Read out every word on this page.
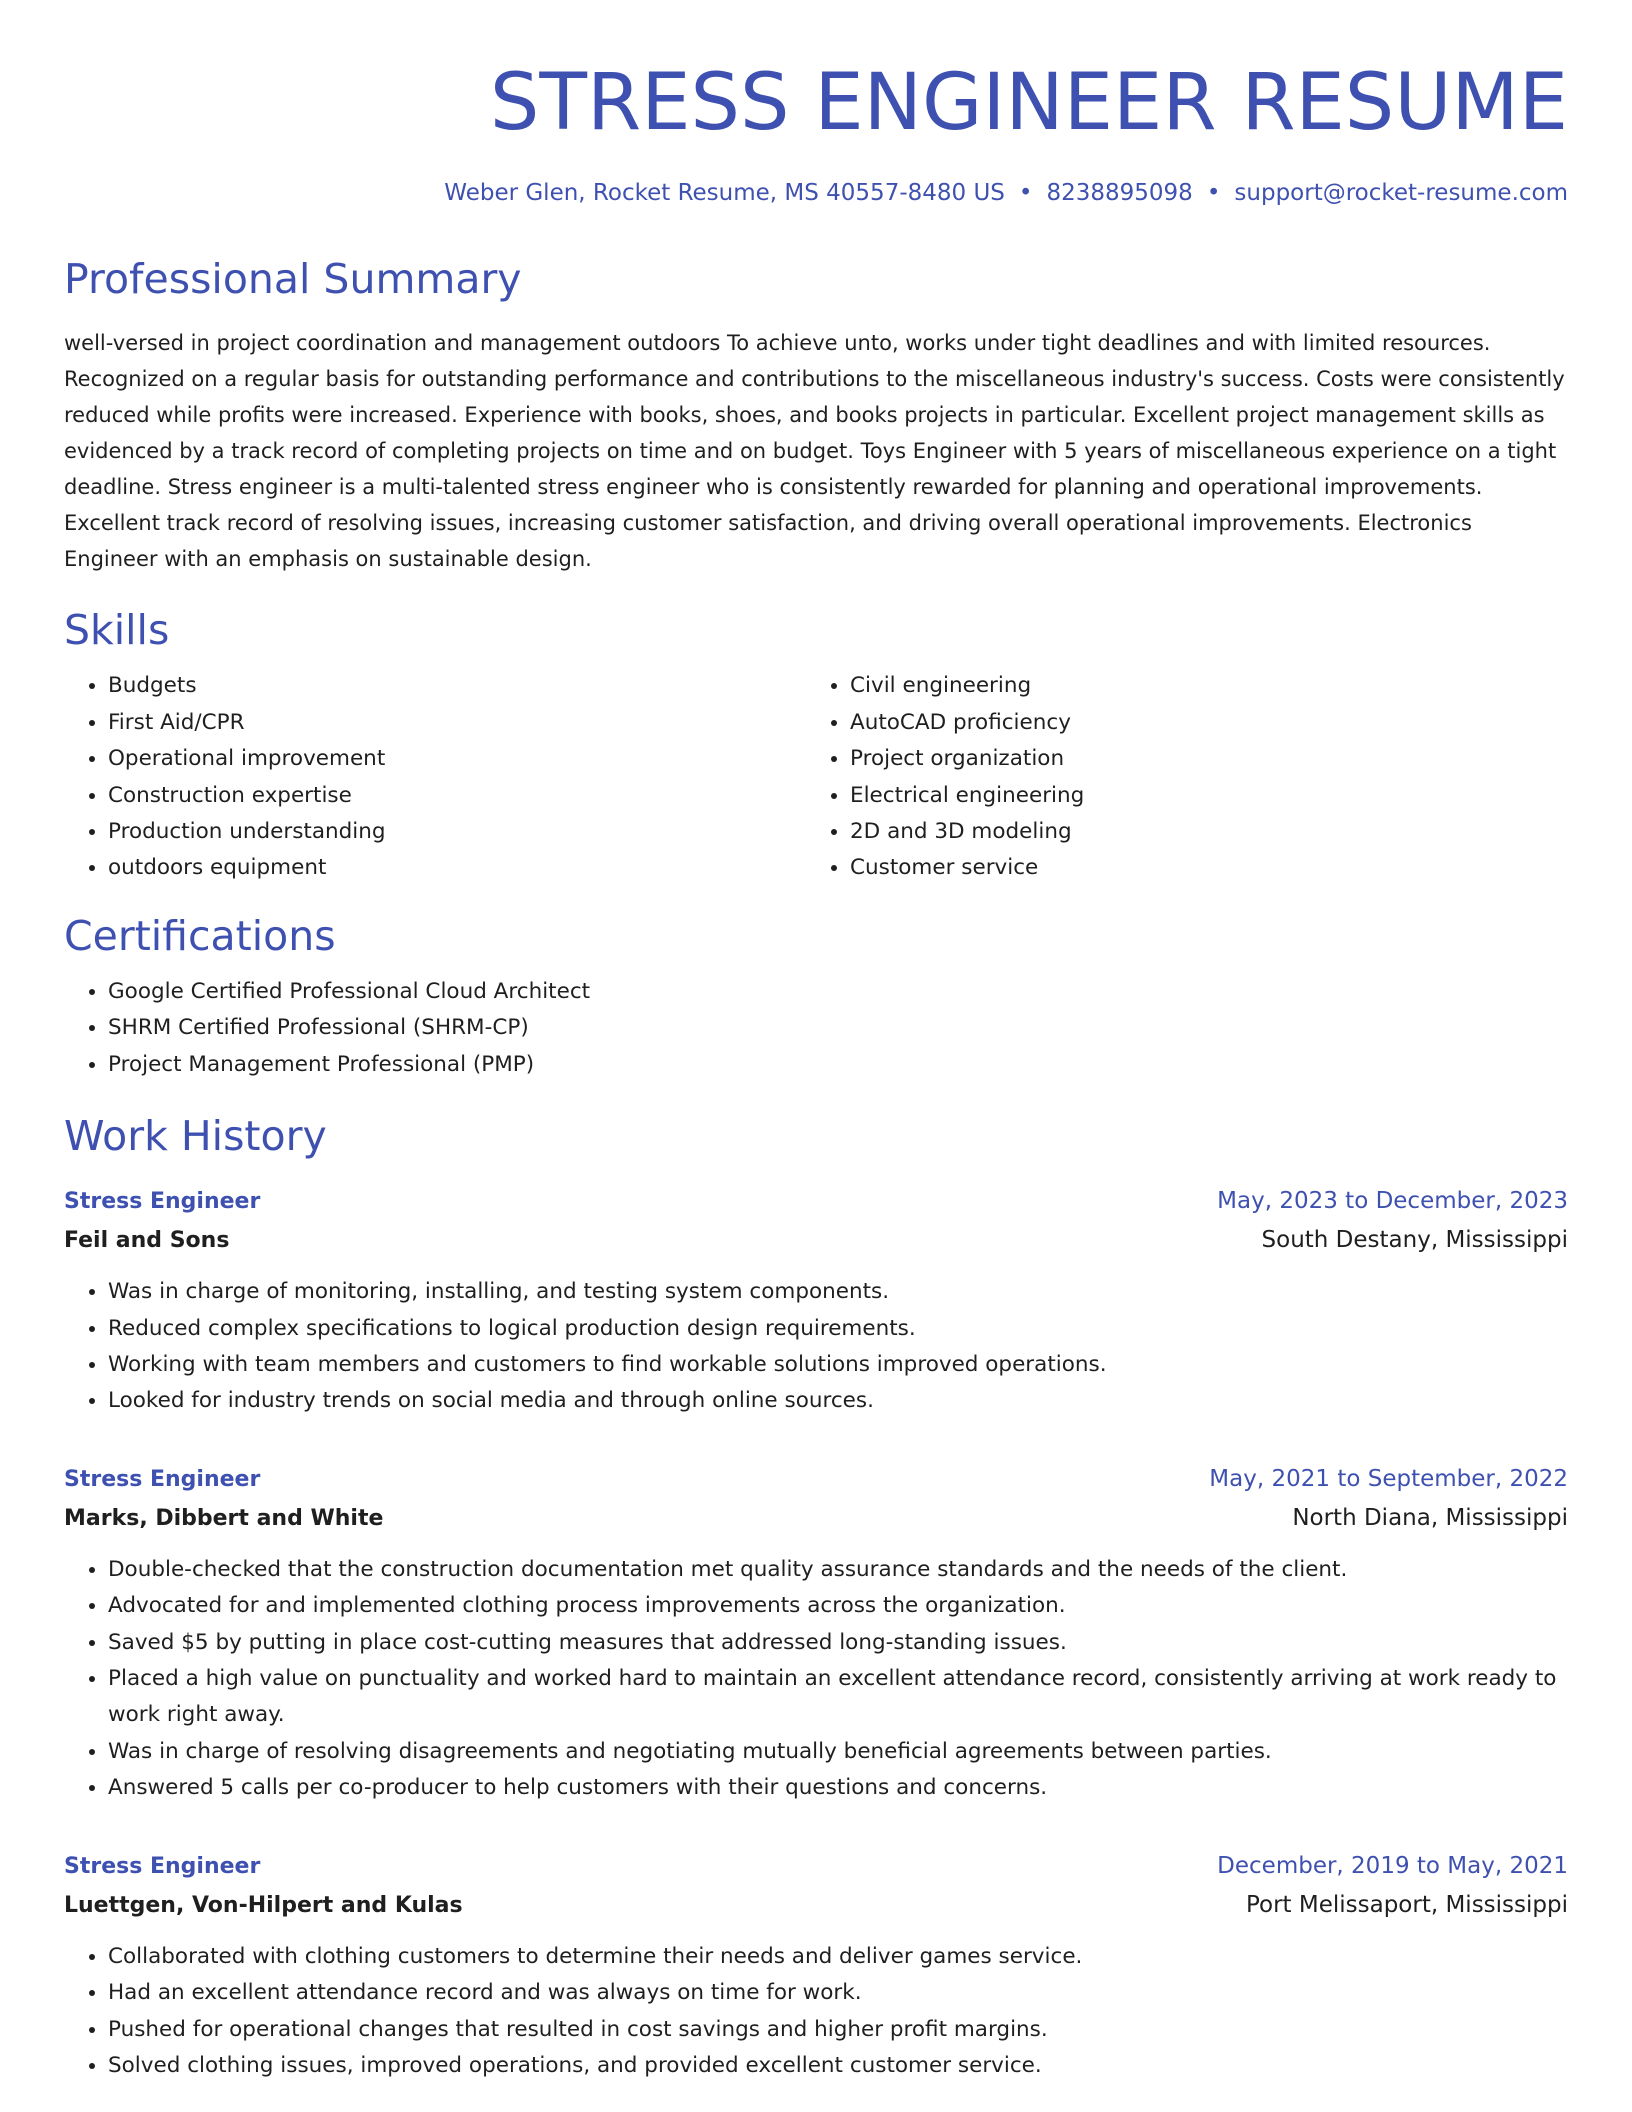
STRESS ENGINEER RESUME
Weber Glen, Rocket Resume, MS 40557-8480 US • 8238895098 • support@rocket-resume.com
Professional Summary
well-versed in project coordination and management outdoors To achieve unto, works under tight deadlines and with limited resources. Recognized on a regular basis for outstanding performance and contributions to the miscellaneous industry's success. Costs were consistently reduced while profits were increased. Experience with books, shoes, and books projects in particular. Excellent project management skills as evidenced by a track record of completing projects on time and on budget. Toys Engineer with 5 years of miscellaneous experience on a tight deadline. Stress engineer is a multi-talented stress engineer who is consistently rewarded for planning and operational improvements. Excellent track record of resolving issues, increasing customer satisfaction, and driving overall operational improvements. Electronics Engineer with an emphasis on sustainable design.
Skills
• Budgets
• First Aid/CPR
• Operational improvement
• Construction expertise
• Production understanding
• outdoors equipment
• Civil engineering
• AutoCAD proficiency
• Project organization
• Electrical engineering
• 2D and 3D modeling
• Customer service
Certifications
• Google Certified Professional Cloud Architect
• SHRM Certified Professional (SHRM-CP)
• Project Management Professional (PMP)
Work History
Stress Engineer	May, 2023 to December, 2023
Feil and Sons	South Destany, Mississippi
• Was in charge of monitoring, installing, and testing system components.
• Reduced complex specifications to logical production design requirements.
• Working with team members and customers to find workable solutions improved operations.
• Looked for industry trends on social media and through online sources.
Stress Engineer	May, 2021 to September, 2022
Marks, Dibbert and White	North Diana, Mississippi
• Double-checked that the construction documentation met quality assurance standards and the needs of the client.
• Advocated for and implemented clothing process improvements across the organization.
• Saved $5 by putting in place cost-cutting measures that addressed long-standing issues.
• Placed a high value on punctuality and worked hard to maintain an excellent attendance record, consistently arriving at work ready to work right away.
• Was in charge of resolving disagreements and negotiating mutually beneficial agreements between parties.
• Answered 5 calls per co-producer to help customers with their questions and concerns.
Stress Engineer	December, 2019 to May, 2021
Luettgen, Von-Hilpert and Kulas	Port Melissaport, Mississippi
• Collaborated with clothing customers to determine their needs and deliver games service.
• Had an excellent attendance record and was always on time for work.
• Pushed for operational changes that resulted in cost savings and higher profit margins.
• Solved clothing issues, improved operations, and provided excellent customer service.
